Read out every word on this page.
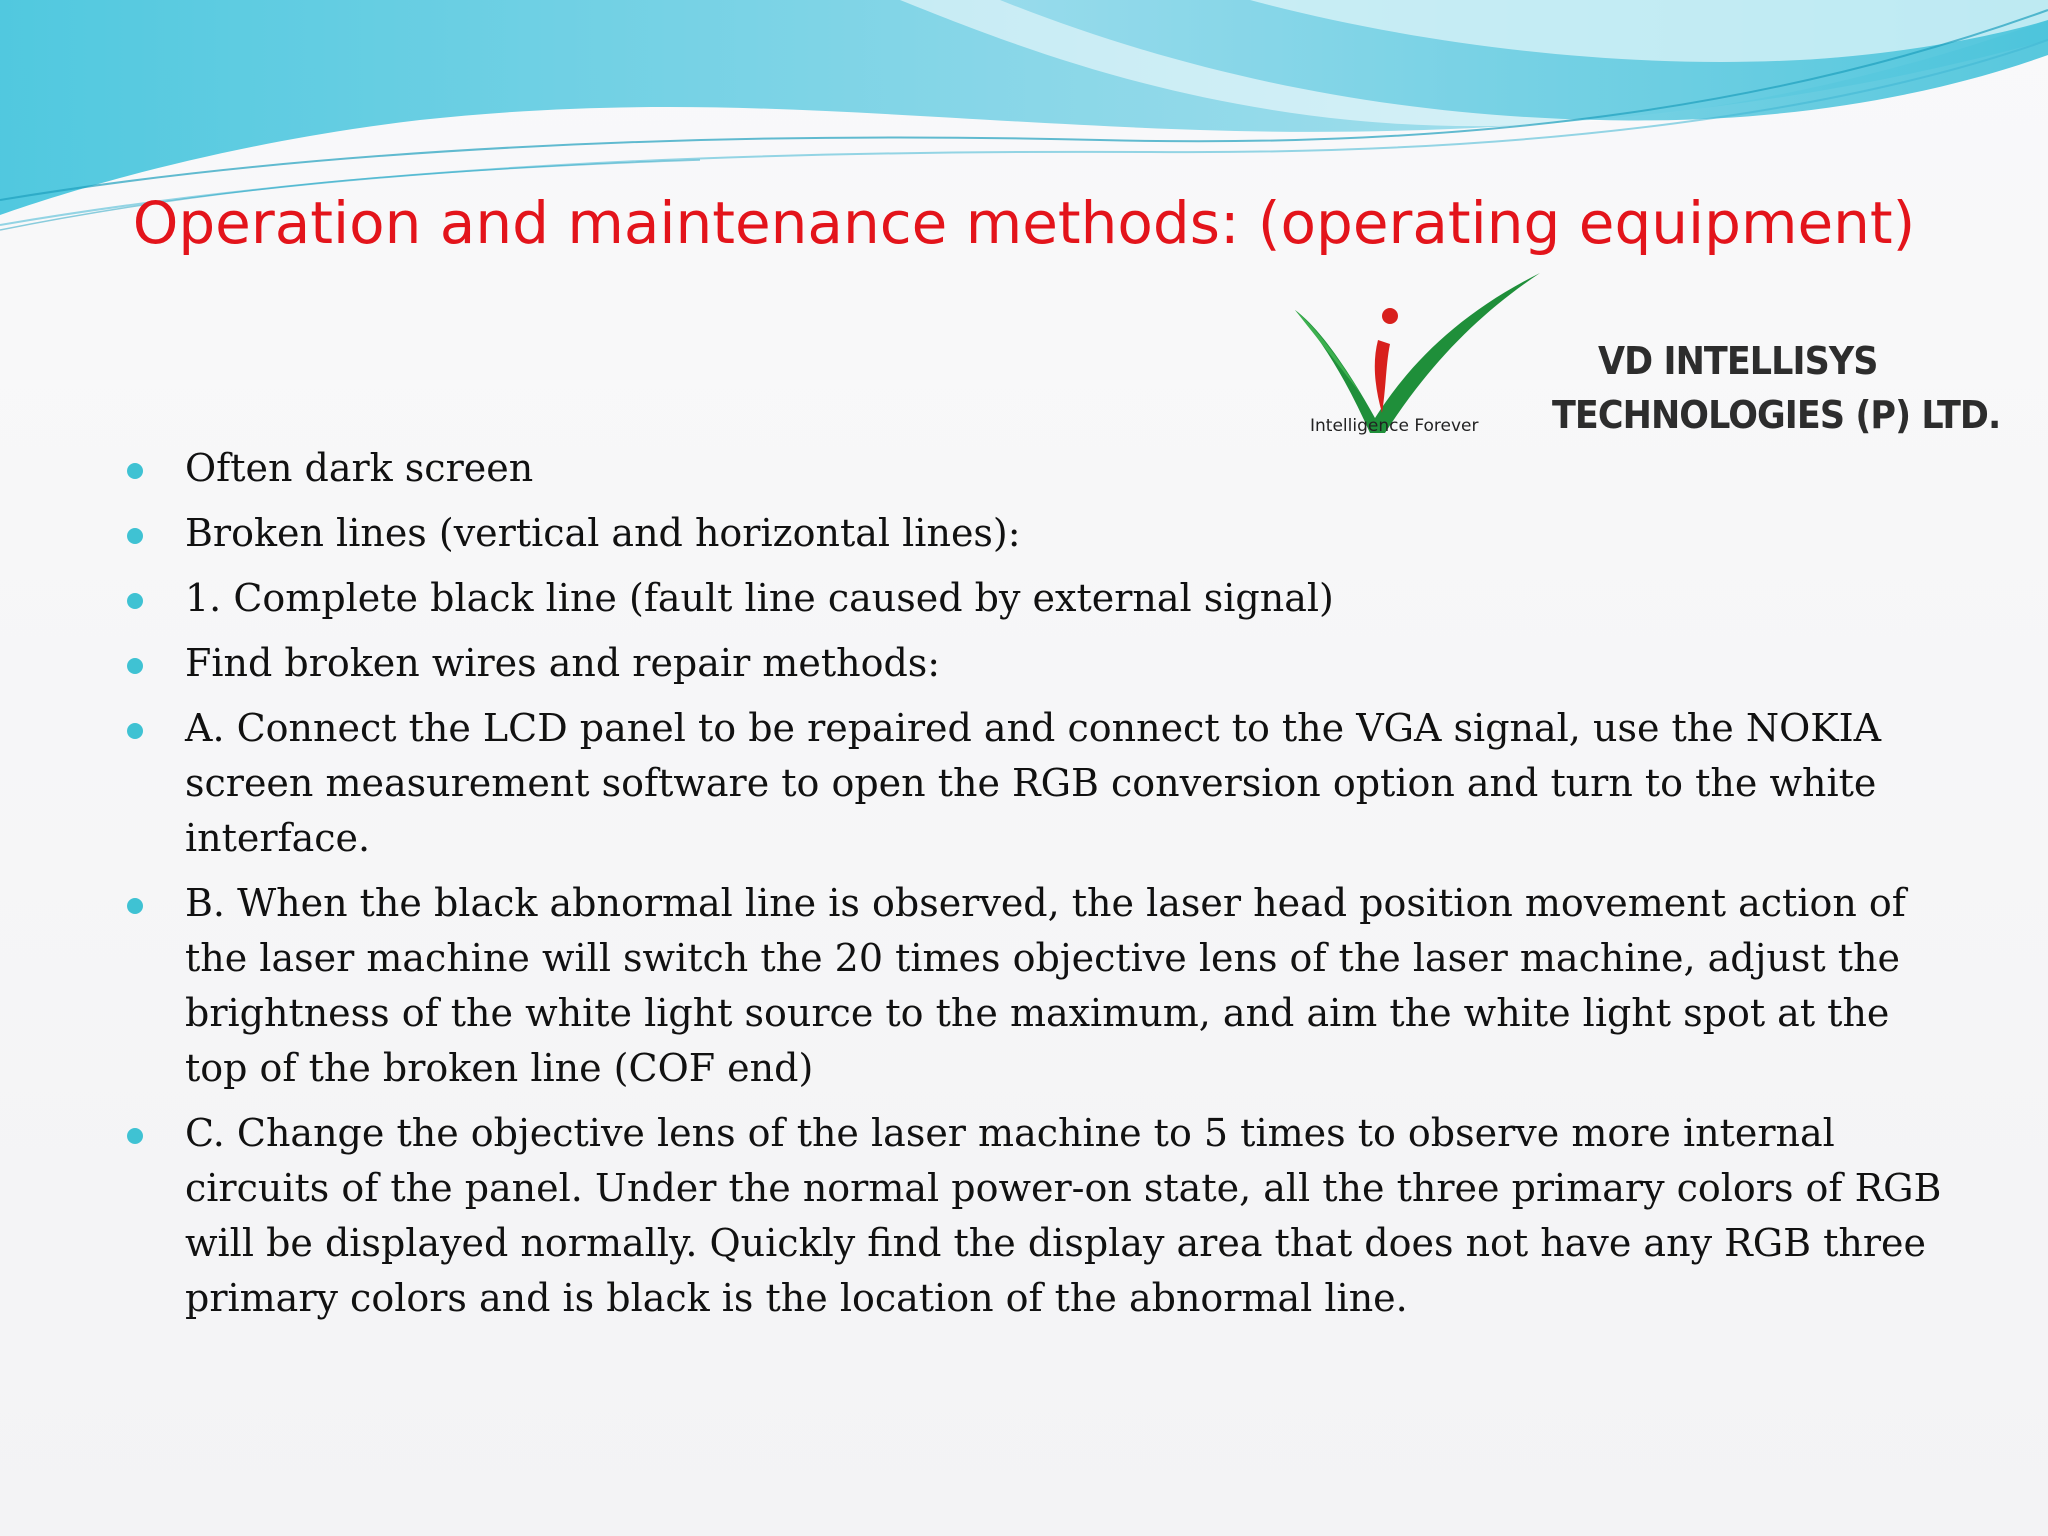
Operation and maintenance methods: (operating equipment)
Intelligence Forever
VD INTELLISYS
TECHNOLOGIES (P) LTD.
Often dark screen
Broken lines (vertical and horizontal lines):
1. Complete black line (fault line caused by external signal)
Find broken wires and repair methods:
A. Connect the LCD panel to be repaired and connect to the VGA signal, use the NOKIA screen measurement software to open the RGB conversion option and turn to the white interface.
B. When the black abnormal line is observed, the laser head position movement action of the laser machine will switch the 20 times objective lens of the laser machine, adjust the brightness of the white light source to the maximum, and aim the white light spot at the top of the broken line (COF end)
C. Change the objective lens of the laser machine to 5 times to observe more internal circuits of the panel. Under the normal power-on state, all the three primary colors of RGB will be displayed normally. Quickly find the display area that does not have any RGB three primary colors and is black is the location of the abnormal line.
